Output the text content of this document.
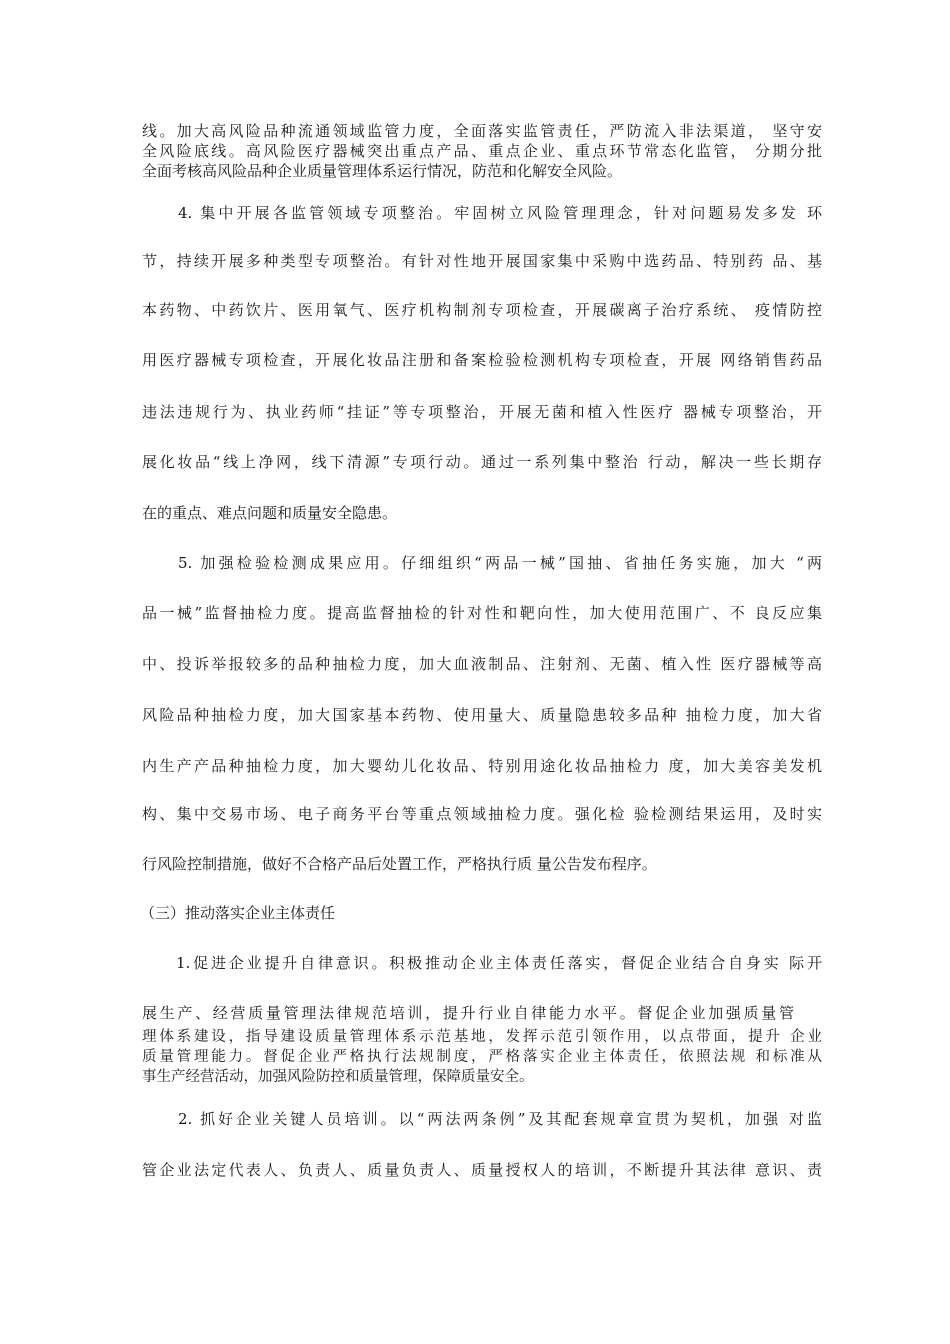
线。加大高风险品种流通领域监管力度，全面落实监管责任，严防流入非法渠道， 坚守安
全风险底线。高风险医疗器械突出重点产品、重点企业、重点环节常态化监管， 分期分批
全面考核高风险品种企业质量管理体系运行情况，防范和化解安全风险。
4. 集中开展各监管领域专项整治。牢固树立风险管理理念，针对问题易发多发 环
节，持续开展多种类型专项整治。有针对性地开展国家集中采购中选药品、特别药 品、基
本药物、中药饮片、医用氧气、医疗机构制剂专项检查，开展碳离子治疗系统、 疫情防控
用医疗器械专项检查，开展化妆品注册和备案检验检测机构专项检查，开展 网络销售药品
违法违规行为、执业药师“挂证”等专项整治，开展无菌和植入性医疗 器械专项整治，开
展化妆品“线上净网，线下清源”专项行动。通过一系列集中整治 行动，解决一些长期存
在的重点、难点问题和质量安全隐患。
5. 加强检验检测成果应用。仔细组织“两品一械”国抽、省抽任务实施，加大 “两
品一械”监督抽检力度。提高监督抽检的针对性和靶向性，加大使用范围广、不 良反应集
中、投诉举报较多的品种抽检力度，加大血液制品、注射剂、无菌、植入性 医疗器械等高
风险品种抽检力度，加大国家基本药物、使用量大、质量隐患较多品种 抽检力度，加大省
内生产产品种抽检力度，加大婴幼儿化妆品、特别用途化妆品抽检力 度，加大美容美发机
构、集中交易市场、电子商务平台等重点领域抽检力度。强化检 验检测结果运用，及时实
行风险控制措施，做好不合格产品后处置工作，严格执行质 量公告发布程序。
（三）推动落实企业主体责任
1.促进企业提升自律意识。积极推动企业主体责任落实，督促企业结合自身实 际开
展生产、经营质量管理法律规范培训，提升行业自律能力水平。督促企业加强质量管
理体系建设，指导建设质量管理体系示范基地，发挥示范引领作用，以点带面，提升 企业
质量管理能力。督促企业严格执行法规制度，严格落实企业主体责任，依照法规 和标准从
事生产经营活动，加强风险防控和质量管理，保障质量安全。
2. 抓好企业关键人员培训。以“两法两条例”及其配套规章宣贯为契机，加强 对监
管企业法定代表人、负责人、质量负责人、质量授权人的培训，不断提升其法律 意识、责
